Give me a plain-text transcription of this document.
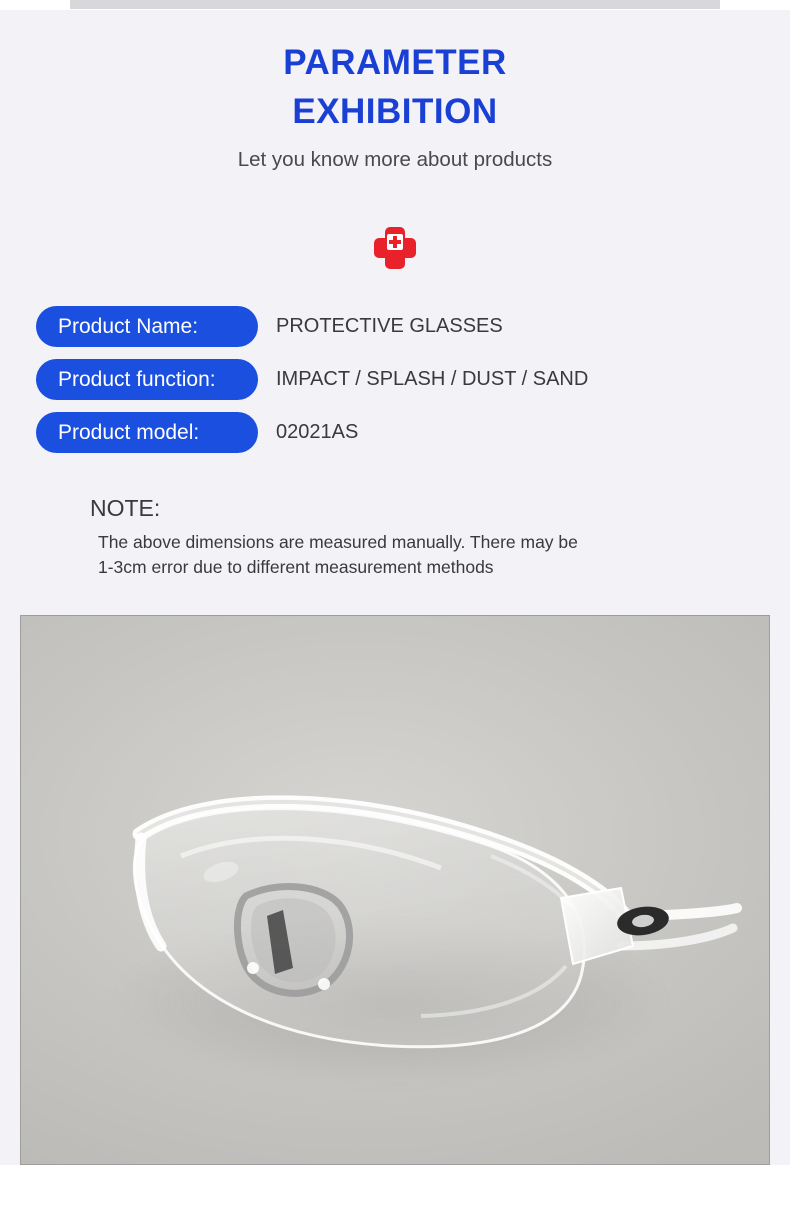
PARAMETER
EXHIBITION
Let you know more about products
Product Name:	PROTECTIVE GLASSES
Product function:	IMPACT / SPLASH / DUST / SAND
Product model:	02021AS
NOTE:
The above dimensions are measured manually. There may be
1-3cm error due to different measurement methods
